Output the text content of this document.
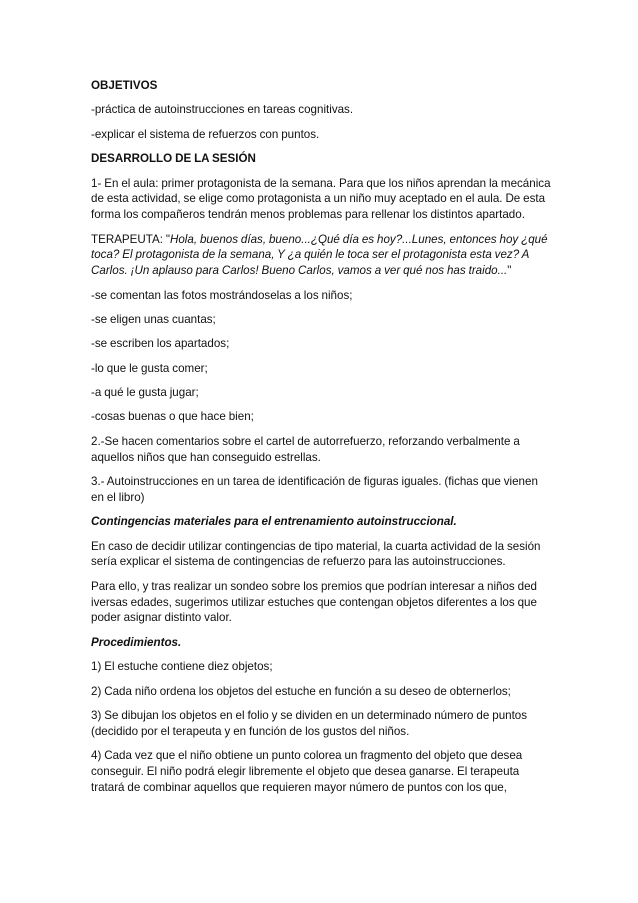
OBJETIVOS

-práctica de autoinstrucciones en tareas cognitivas.

-explicar el sistema de refuerzos con puntos.

DESARROLLO DE LA SESIÓN

1- En el aula: primer protagonista de la semana. Para que los niños aprendan la mecánica de esta actividad, se elige como protagonista a un niño muy aceptado en el aula. De esta forma los compañeros tendrán menos problemas para rellenar los distintos apartado.

TERAPEUTA: "Hola, buenos días, bueno...¿Qué día es hoy?...Lunes, entonces hoy ¿qué toca? El protagonista de la semana, Y ¿a quién le toca ser el protagonista esta vez? A Carlos. ¡Un aplauso para Carlos! Bueno Carlos, vamos a ver qué nos has traido..."

-se comentan las fotos mostrándoselas a los niños;

-se eligen unas cuantas;

-se escriben los apartados;

-lo que le gusta comer;

-a qué le gusta jugar;

-cosas buenas o que hace bien;

2.-Se hacen comentarios sobre el cartel de autorrefuerzo, reforzando verbalmente a aquellos niños que han conseguido estrellas.

3.- Autoinstrucciones en un tarea de identificación de figuras iguales. (fichas que vienen en el libro)

Contingencias materiales para el entrenamiento autoinstruccional.

En caso de decidir utilizar contingencias de tipo material, la cuarta actividad de la sesión sería explicar el sistema de contingencias de refuerzo para las autoinstrucciones.

Para ello, y tras realizar un sondeo sobre los premios que podrían interesar a niños ded iversas edades, sugerimos utilizar estuches que contengan objetos diferentes a los que poder asignar distinto valor.

Procedimientos.

1) El estuche contiene diez objetos;

2) Cada niño ordena los objetos del estuche en función a su deseo de obternerlos;

3) Se dibujan los objetos en el folio y se dividen en un determinado número de puntos (decidido por el terapeuta y en función de los gustos del niños.

4) Cada vez que el niño obtiene un punto colorea un fragmento del objeto que desea conseguir. El niño podrá elegir libremente el objeto que desea ganarse. El terapeuta tratará de combinar aquellos que requieren mayor número de puntos con los que,
